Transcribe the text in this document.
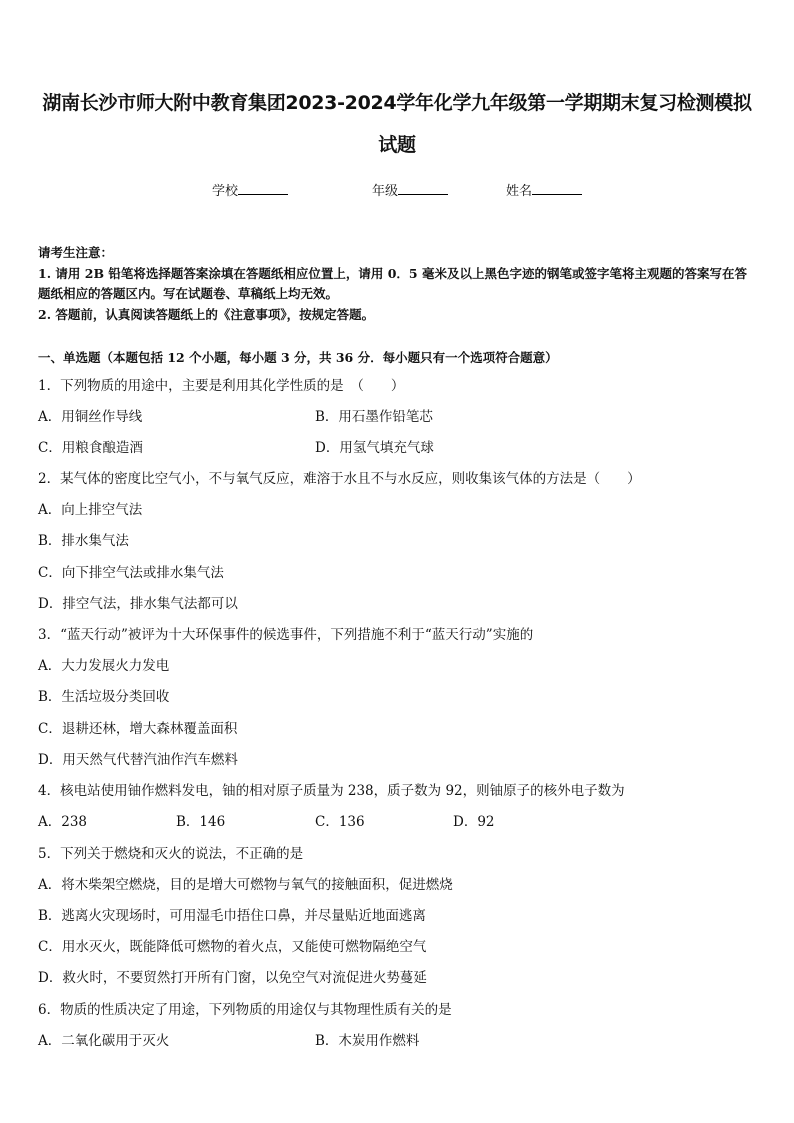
湖南长沙市师大附中教育集团2023-2024学年化学九年级第一学期期末复习检测模拟
试题
学校	年级	姓名

请考生注意：

1. 请用 2B 铅笔将选择题答案涂填在答题纸相应位置上，请用 0．5 毫米及以上黑色字迹的钢笔或签字笔将主观题的答案写在答题纸相应的答题区内。写在试题卷、草稿纸上均无效。

2. 答题前，认真阅读答题纸上的《注意事项》，按规定答题。

一、单选题（本题包括 12 个小题，每小题 3 分，共 36 分．每小题只有一个选项符合题意）
1．下列物质的用途中，主要是利用其化学性质的是　（　　）
A．用铜丝作导线	B．用石墨作铅笔芯
C．用粮食酿造酒	D．用氢气填充气球
2．某气体的密度比空气小，不与氧气反应，难溶于水且不与水反应，则收集该气体的方法是（　　）
A．向上排空气法
B．排水集气法
C．向下排空气法或排水集气法
D．排空气法，排水集气法都可以
3．“蓝天行动”被评为十大环保事件的候选事件，下列措施不利于“蓝天行动”实施的
A．大力发展火力发电
B．生活垃圾分类回收
C．退耕还林，增大森林覆盖面积
D．用天然气代替汽油作汽车燃料
4．核电站使用铀作燃料发电，铀的相对原子质量为 238，质子数为 92，则铀原子的核外电子数为
A．238	B．146	C．136	D．92
5．下列关于燃烧和灭火的说法，不正确的是
A．将木柴架空燃烧，目的是增大可燃物与氧气的接触面积，促进燃烧
B．逃离火灾现场时，可用湿毛巾捂住口鼻，并尽量贴近地面逃离
C．用水灭火，既能降低可燃物的着火点，又能使可燃物隔绝空气
D．救火时，不要贸然打开所有门窗，以免空气对流促进火势蔓延
6．物质的性质决定了用途，下列物质的用途仅与其物理性质有关的是
A．二氧化碳用于灭火	B．木炭用作燃料
